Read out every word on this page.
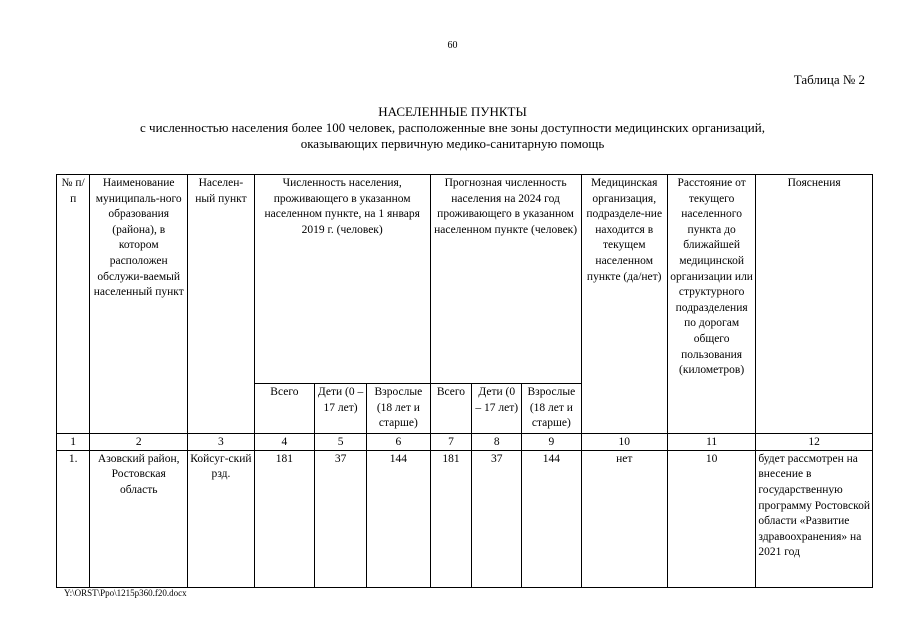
60
Таблица № 2
НАСЕЛЕННЫЕ ПУНКТЫ
с численностью населения более 100 человек, расположенные вне зоны доступности медицинских организаций,
оказывающих первичную медико-санитарную помощь
№ п/п	Наименование муниципаль-ного образования (района), в котором расположен обслужи-ваемый населенный пункт	Населен-ный пункт	Численность населения, проживающего в указанном населенном пункте, на 1 января 2019 г. (человек)			Прогнозная численность населения на 2024 год проживающего в указанном населенном пункте (человек)			Медицинская организация, подразделе-ние находится в текущем населенном пункте (да/нет)	Расстояние от текущего населенного пункта до ближайшей медицинской организации или структурного подразделения по дорогам общего пользования (километров)	Пояснения
			Всего	Дети (0 – 17 лет)	Взрослые (18 лет и старше)	Всего	Дети (0 – 17 лет)	Взрослые (18 лет и старше)			
1	2	3	4	5	6	7	8	9	10	11	12
1.	Азовский район, Ростовская область	Койсуг-ский рзд.	181	37	144	181	37	144	нет	10	будет рассмотрен на внесение в государственную программу Ростовской области «Развитие здравоохранения» на 2021 год
Y:\ORST\Ppo\1215p360.f20.docx
